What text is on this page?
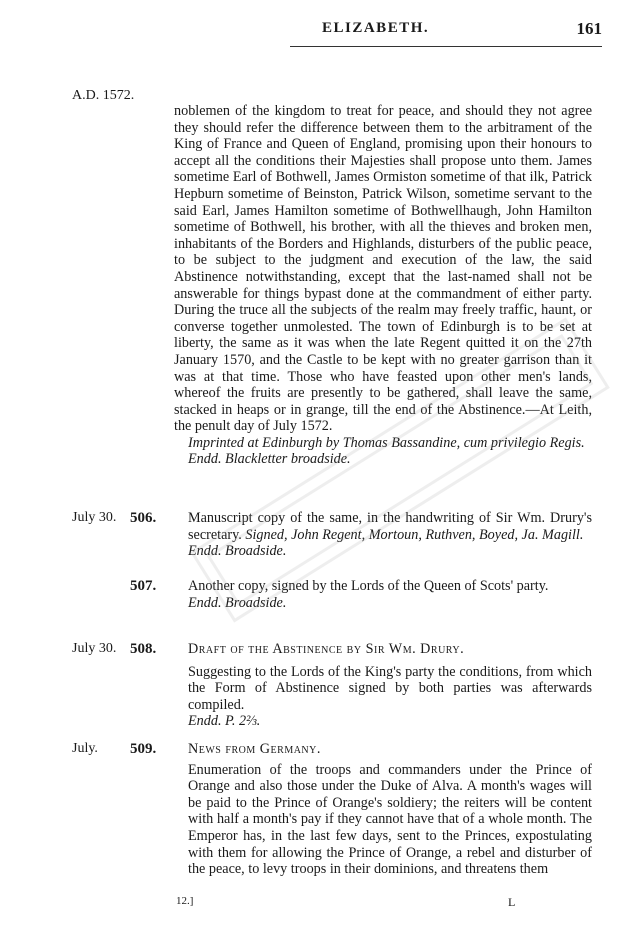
ELIZABETH.	161
A.D. 1572.

noblemen of the kingdom to treat for peace, and should they not agree they should refer the difference between them to the arbitrament of the King of France and Queen of England, promising upon their honours to accept all the conditions their Majesties shall propose unto them. James sometime Earl of Bothwell, James Ormiston sometime of that ilk, Patrick Hepburn sometime of Beinston, Patrick Wilson, sometime servant to the said Earl, James Hamilton sometime of Bothwellhaugh, John Hamilton sometime of Bothwell, his brother, with all the thieves and broken men, inhabitants of the Borders and Highlands, disturbers of the public peace, to be subject to the judgment and execution of the law, the said Abstinence notwithstanding, except that the last-named shall not be answerable for things bypast done at the commandment of either party. During the truce all the subjects of the realm may freely traffic, haunt, or converse together unmolested. The town of Edinburgh is to be set at liberty, the same as it was when the late Regent quitted it on the 27th January 1570, and the Castle to be kept with no greater garrison than it was at that time. Those who have feasted upon other men's lands, whereof the fruits are presently to be gathered, shall leave the same, stacked in heaps or in grange, till the end of the Abstinence.—At Leith, the penult day of July 1572.

Imprinted at Edinburgh by Thomas Bassandine, cum privilegio Regis.

Endd. Blackletter broadside.

July 30. 506.	Manuscript copy of the same, in the handwriting of Sir Wm. Drury's secretary. Signed, John Regent, Mortoun, Ruthven, Boyed, Ja. Magill.

Endd. Broadside.

507.	Another copy, signed by the Lords of the Queen of Scots' party.

Endd. Broadside.

July 30. 508.	Draft of the Abstinence by Sir Wm. Drury.

Suggesting to the Lords of the King's party the conditions, from which the Form of Abstinence signed by both parties was afterwards compiled.

Endd. P. 2⅔.

July. 509.	News from Germany.

Enumeration of the troops and commanders under the Prince of Orange and also those under the Duke of Alva. A month's wages will be paid to the Prince of Orange's soldiery; the reiters will be content with half a month's pay if they cannot have that of a whole month. The Emperor has, in the last few days, sent to the Princes, expostulating with them for allowing the Prince of Orange, a rebel and disturber of the peace, to levy troops in their dominions, and threatens them

12.]	L
